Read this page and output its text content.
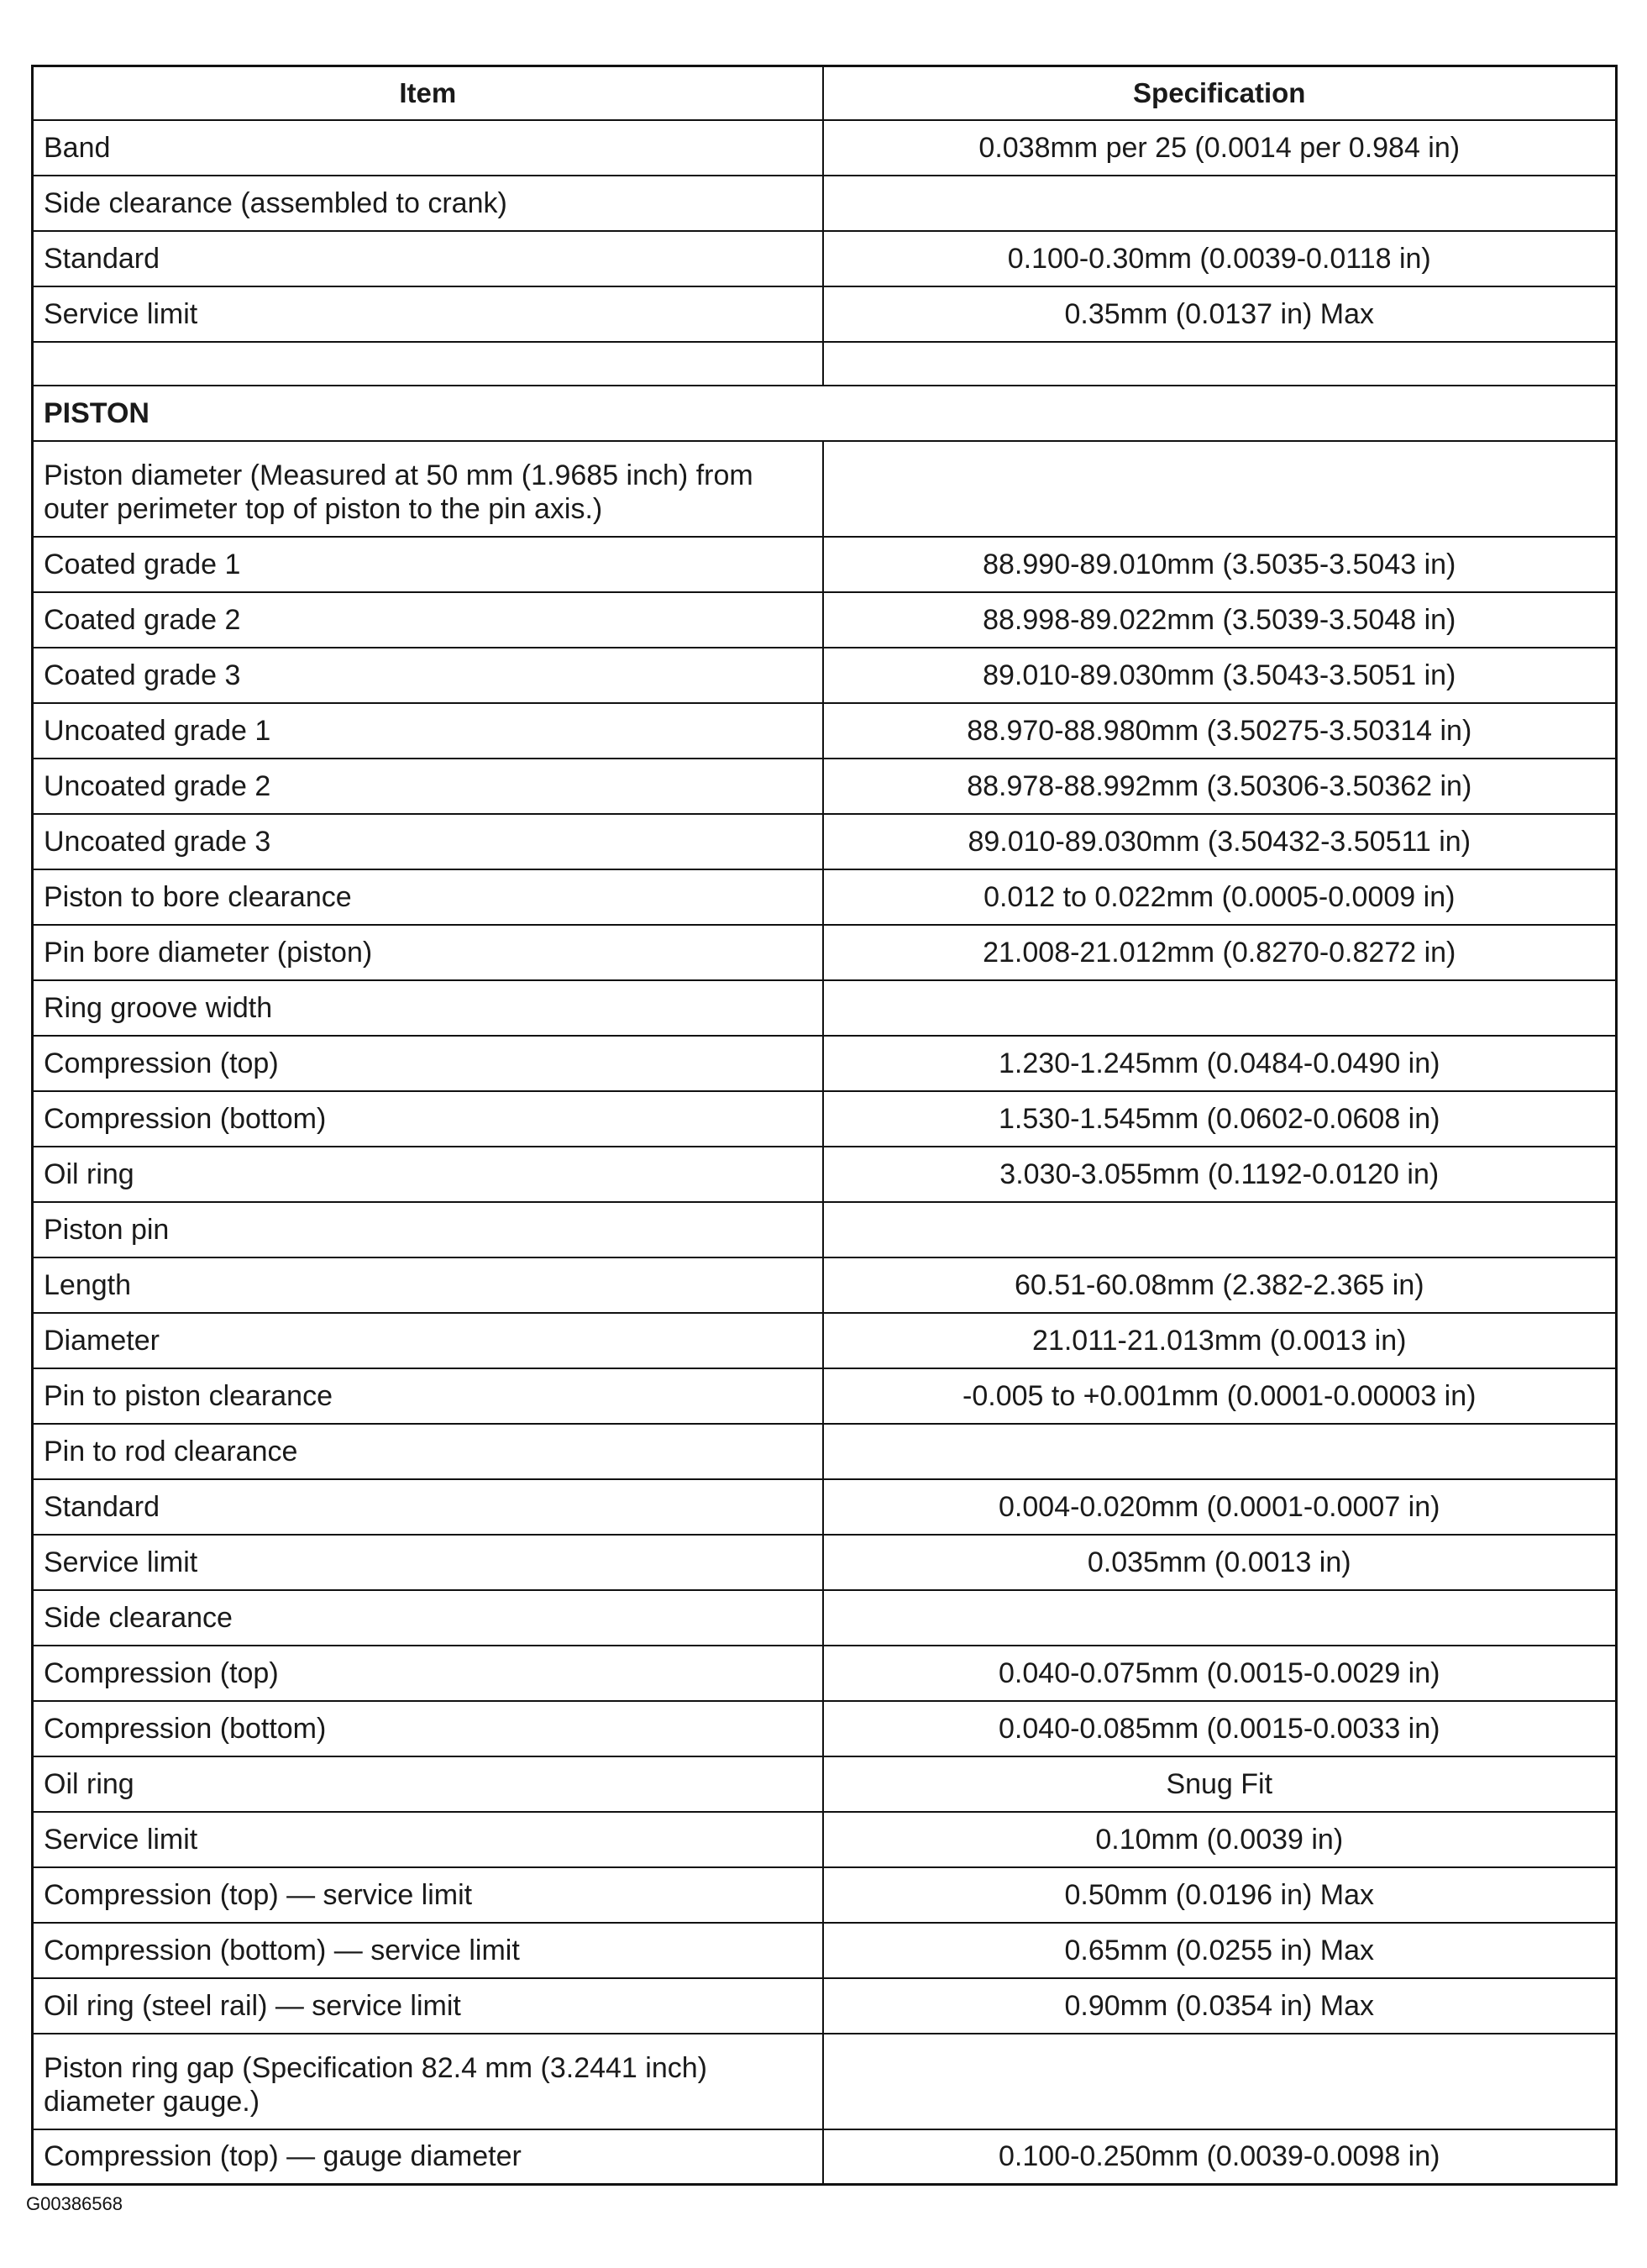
Item	Specification
Band	0.038mm per 25 (0.0014 per 0.984 in)
Side clearance (assembled to crank)	
Standard	0.100-0.30mm (0.0039-0.0118 in)
Service limit	0.35mm (0.0137 in) Max

PISTON	
Piston diameter (Measured at 50 mm (1.9685 inch) from outer perimeter top of piston to the pin axis.)	
Coated grade 1	88.990-89.010mm (3.5035-3.5043 in)
Coated grade 2	88.998-89.022mm (3.5039-3.5048 in)
Coated grade 3	89.010-89.030mm (3.5043-3.5051 in)
Uncoated grade 1	88.970-88.980mm (3.50275-3.50314 in)
Uncoated grade 2	88.978-88.992mm (3.50306-3.50362 in)
Uncoated grade 3	89.010-89.030mm (3.50432-3.50511 in)
Piston to bore clearance	0.012 to 0.022mm (0.0005-0.0009 in)
Pin bore diameter (piston)	21.008-21.012mm (0.8270-0.8272 in)
Ring groove width	
Compression (top)	1.230-1.245mm (0.0484-0.0490 in)
Compression (bottom)	1.530-1.545mm (0.0602-0.0608 in)
Oil ring	3.030-3.055mm (0.1192-0.0120 in)
Piston pin	
Length	60.51-60.08mm (2.382-2.365 in)
Diameter	21.011-21.013mm (0.0013 in)
Pin to piston clearance	-0.005 to +0.001mm (0.0001-0.00003 in)
Pin to rod clearance	
Standard	0.004-0.020mm (0.0001-0.0007 in)
Service limit	0.035mm (0.0013 in)
Side clearance	
Compression (top)	0.040-0.075mm (0.0015-0.0029 in)
Compression (bottom)	0.040-0.085mm (0.0015-0.0033 in)
Oil ring	Snug Fit
Service limit	0.10mm (0.0039 in)
Compression (top) — service limit	0.50mm (0.0196 in) Max
Compression (bottom) — service limit	0.65mm (0.0255 in) Max
Oil ring (steel rail) — service limit	0.90mm (0.0354 in) Max
Piston ring gap (Specification 82.4 mm (3.2441 inch) diameter gauge.)	
Compression (top) — gauge diameter	0.100-0.250mm (0.0039-0.0098 in)
G00386568
